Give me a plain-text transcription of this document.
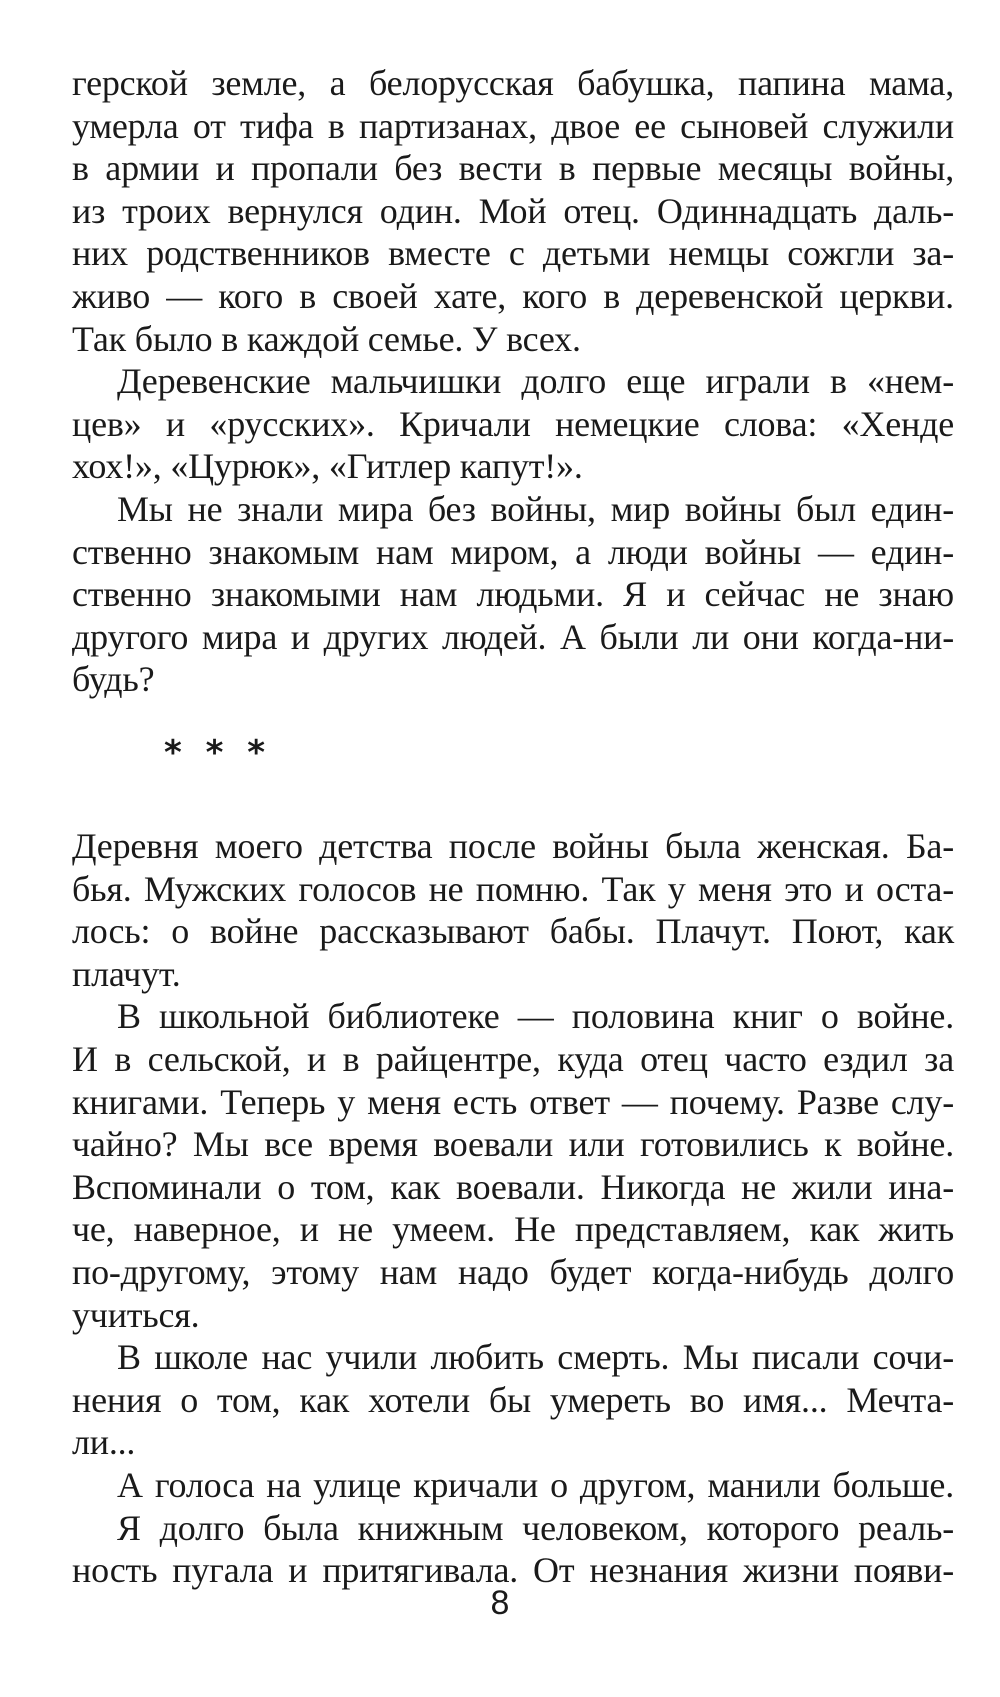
герской земле, а белорусская бабушка, папина мама,
умерла от тифа в партизанах, двое ее сыновей служили
в армии и пропали без вести в первые месяцы войны,
из троих вернулся один. Мой отец. Одиннадцать даль-
них родственников вместе с детьми немцы сожгли за-
живо — кого в своей хате, кого в деревенской церкви.
Так было в каждой семье. У всех.
Деревенские мальчишки долго еще играли в «нем-
цев» и «русских». Кричали немецкие слова: «Хенде
хох!», «Цурюк», «Гитлер капут!».
Мы не знали мира без войны, мир войны был един-
ственно знакомым нам миром, а люди войны — един-
ственно знакомыми нам людьми. Я и сейчас не знаю
другого мира и других людей. А были ли они когда-ни-
будь?
* * *
Деревня моего детства после войны была женская. Ба-
бья. Мужских голосов не помню. Так у меня это и оста-
лось: о войне рассказывают бабы. Плачут. Поют, как
плачут.
В школьной библиотеке — половина книг о войне.
И в сельской, и в райцентре, куда отец часто ездил за
книгами. Теперь у меня есть ответ — почему. Разве слу-
чайно? Мы все время воевали или готовились к войне.
Вспоминали о том, как воевали. Никогда не жили ина-
че, наверное, и не умеем. Не представляем, как жить
по-другому, этому нам надо будет когда-нибудь долго
учиться.
В школе нас учили любить смерть. Мы писали сочи-
нения о том, как хотели бы умереть во имя... Мечта-
ли...
А голоса на улице кричали о другом, манили больше.
Я долго была книжным человеком, которого реаль-
ность пугала и притягивала. От незнания жизни появи-
8
